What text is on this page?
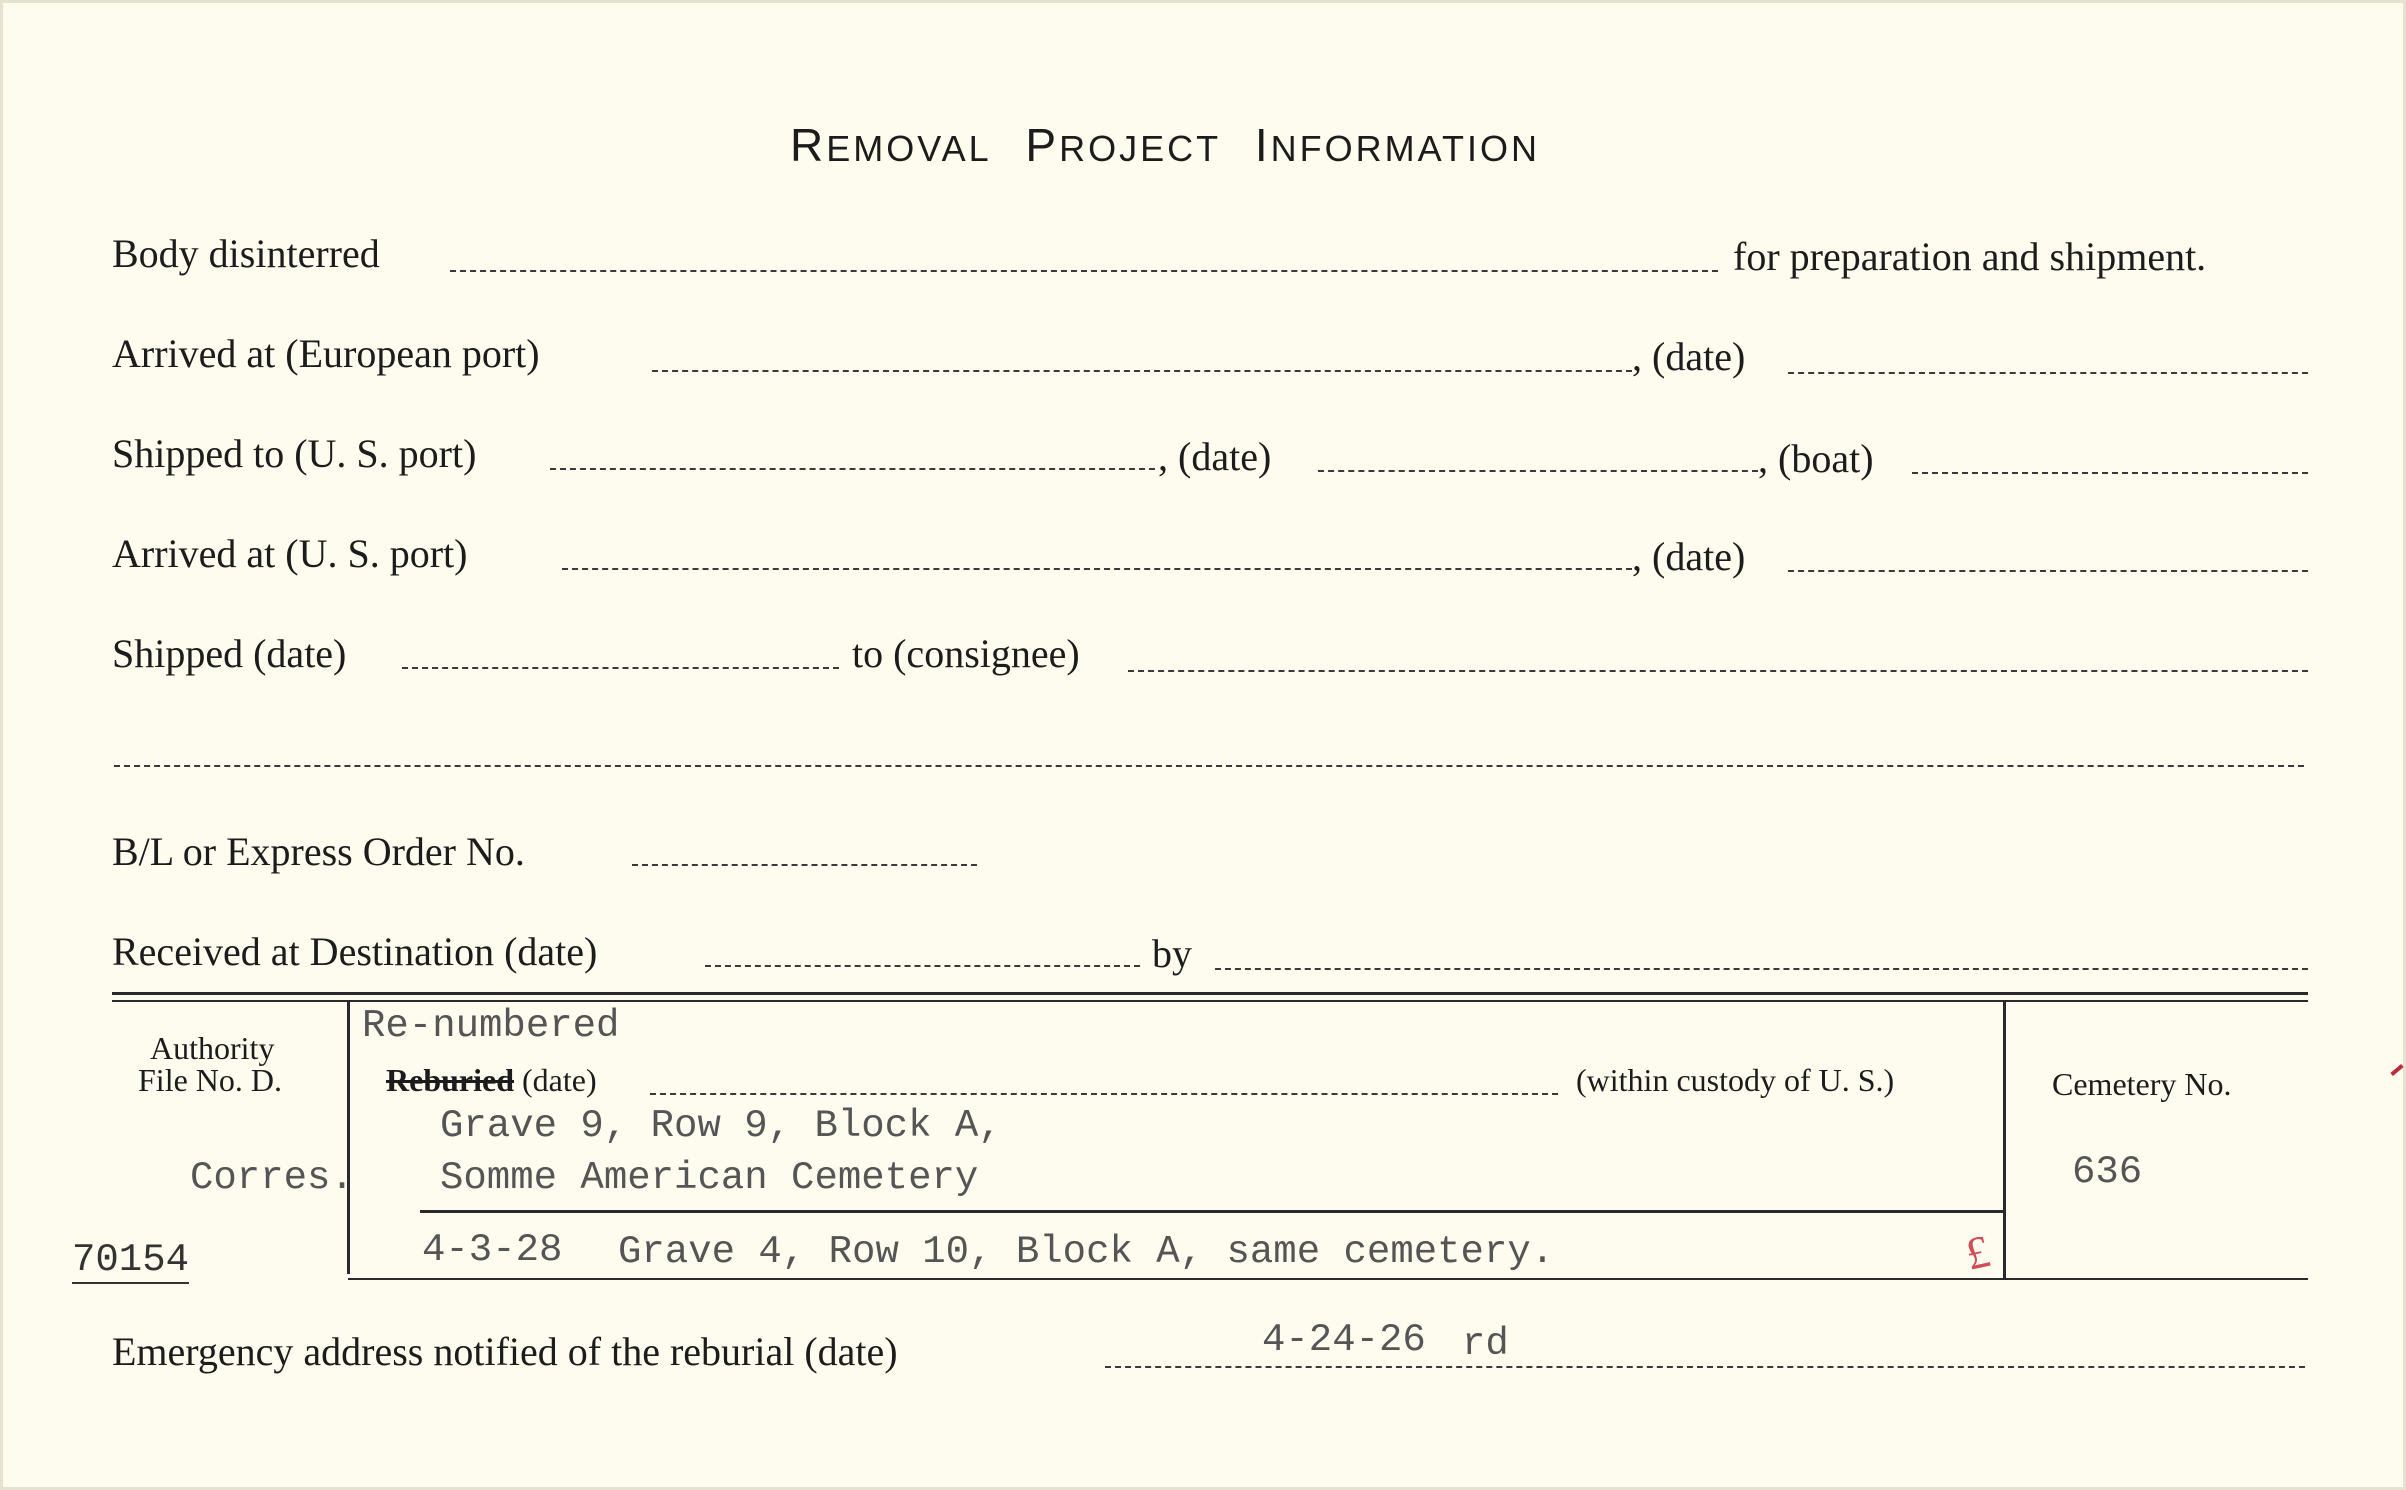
REMOVAL PROJECT INFORMATION
Body disinterred	for preparation and shipment.
Arrived at (European port)	, (date)
Shipped to (U. S. port)	, (date)	, (boat)
Arrived at (U. S. port)	, (date)
Shipped (date)	to (consignee)
B/L or Express Order No.
Received at Destination (date)	by
Authority
File No. D.
Corres.
70154
Re-numbered
Reburied (date)	(within custody of U. S.)
Grave 9, Row 9, Block A,
Somme American Cemetery
4-3-28 Grave 4, Row 10, Block A, same cemetery.	£
Cemetery No.
636
Emergency address notified of the reburial (date)	4-24-26 rd
